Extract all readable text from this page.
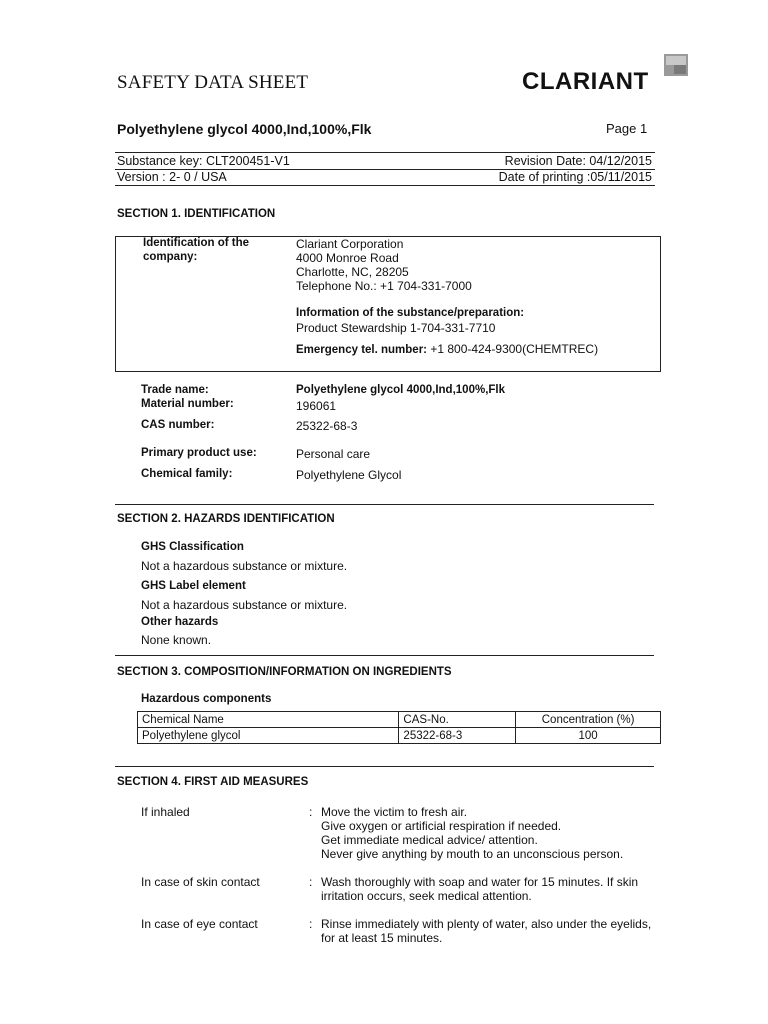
SAFETY DATA SHEET	CLARIANT
Polyethylene glycol 4000,Ind,100%,Flk	Page 1
Substance key: CLT200451-V1	Revision Date: 04/12/2015
Version : 2- 0 / USA	Date of printing :05/11/2015
SECTION 1. IDENTIFICATION
Identification of the
company:
Clariant Corporation
4000 Monroe Road
Charlotte, NC, 28205
Telephone No.: +1 704-331-7000
Information of the substance/preparation:
Product Stewardship 1-704-331-7710
Emergency tel. number: +1 800-424-9300(CHEMTREC)
Trade name:	Polyethylene glycol 4000,Ind,100%,Flk
Material number:	196061
CAS number:	25322-68-3
Primary product use:	Personal care
Chemical family:	Polyethylene Glycol
SECTION 2. HAZARDS IDENTIFICATION
GHS Classification
Not a hazardous substance or mixture.
GHS Label element
Not a hazardous substance or mixture.
Other hazards
None known.
SECTION 3. COMPOSITION/INFORMATION ON INGREDIENTS
Hazardous components
Chemical Name	CAS-No.	Concentration (%)
Polyethylene glycol	25322-68-3	100
SECTION 4. FIRST AID MEASURES
If inhaled	: Move the victim to fresh air.
Give oxygen or artificial respiration if needed.
Get immediate medical advice/ attention.
Never give anything by mouth to an unconscious person.
In case of skin contact	: Wash thoroughly with soap and water for 15 minutes. If skin
irritation occurs, seek medical attention.
In case of eye contact	: Rinse immediately with plenty of water, also under the eyelids,
for at least 15 minutes.
